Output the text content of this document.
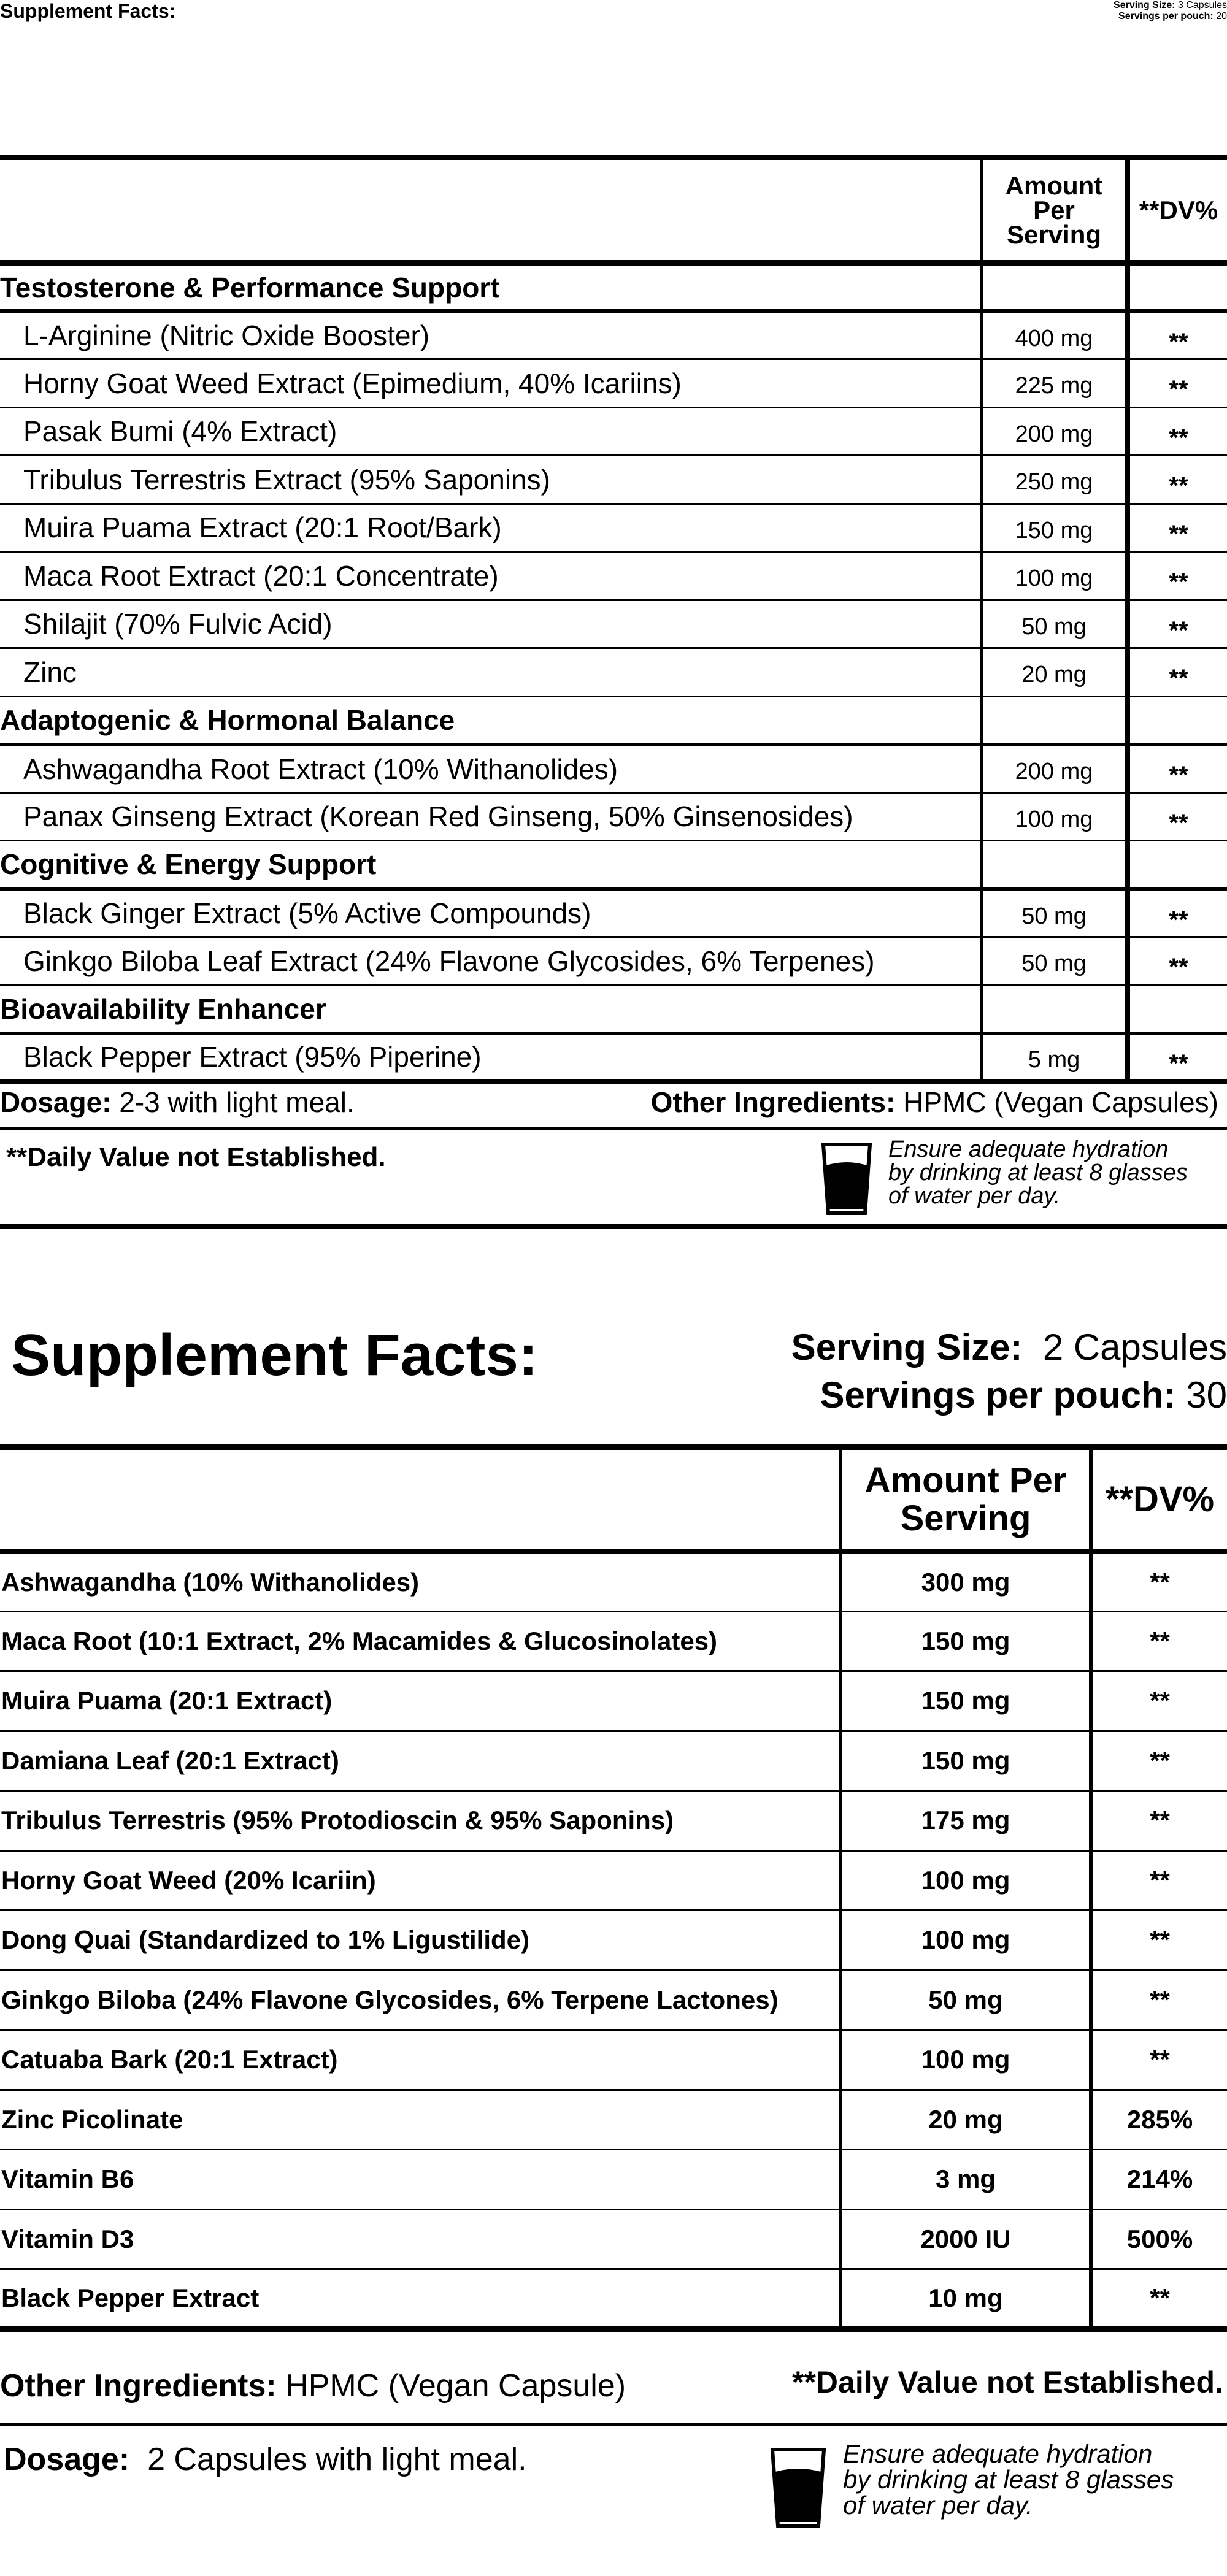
Supplement Facts:	Serving Size: 3 Capsules
Servings per pouch: 20

	Amount
Per
Serving	**DV%
Testosterone & Performance Support		
L-Arginine (Nitric Oxide Booster)	400 mg	**
Horny Goat Weed Extract (Epimedium, 40% Icariins)	225 mg	**
Pasak Bumi (4% Extract)	200 mg	**
Tribulus Terrestris Extract (95% Saponins)	250 mg	**
Muira Puama Extract (20:1 Root/Bark)	150 mg	**
Maca Root Extract (20:1 Concentrate)	100 mg	**
Shilajit (70% Fulvic Acid)	50 mg	**
Zinc	20 mg	**
Adaptogenic & Hormonal Balance		
Ashwagandha Root Extract (10% Withanolides)	200 mg	**
Panax Ginseng Extract (Korean Red Ginseng, 50% Ginsenosides)	100 mg	**
Cognitive & Energy Support		
Black Ginger Extract (5% Active Compounds)	50 mg	**
Ginkgo Biloba Leaf Extract (24% Flavone Glycosides, 6% Terpenes)	50 mg	**
Bioavailability Enhancer		
Black Pepper Extract (95% Piperine)	5 mg	**
Dosage: 2-3 with light meal.	Other Ingredients: HPMC (Vegan Capsules)
**Daily Value not Established.	Ensure adequate hydration
by drinking at least 8 glasses
of water per day.
Supplement Facts:	Serving Size: 2 Capsules
Servings per pouch: 30

	Amount Per
Serving	**DV%
Ashwagandha (10% Withanolides)	300 mg	**
Maca Root (10:1 Extract, 2% Macamides & Glucosinolates)	150 mg	**
Muira Puama (20:1 Extract)	150 mg	**
Damiana Leaf (20:1 Extract)	150 mg	**
Tribulus Terrestris (95% Protodioscin & 95% Saponins)	175 mg	**
Horny Goat Weed (20% Icariin)	100 mg	**
Dong Quai (Standardized to 1% Ligustilide)	100 mg	**
Ginkgo Biloba (24% Flavone Glycosides, 6% Terpene Lactones)	50 mg	**
Catuaba Bark (20:1 Extract)	100 mg	**
Zinc Picolinate	20 mg	285%
Vitamin B6	3 mg	214%
Vitamin D3	2000 IU	500%
Black Pepper Extract	10 mg	**
Other Ingredients: HPMC (Vegan Capsule)	**Daily Value not Established.
Dosage: 2 Capsules with light meal.	Ensure adequate hydration
by drinking at least 8 glasses
of water per day.
